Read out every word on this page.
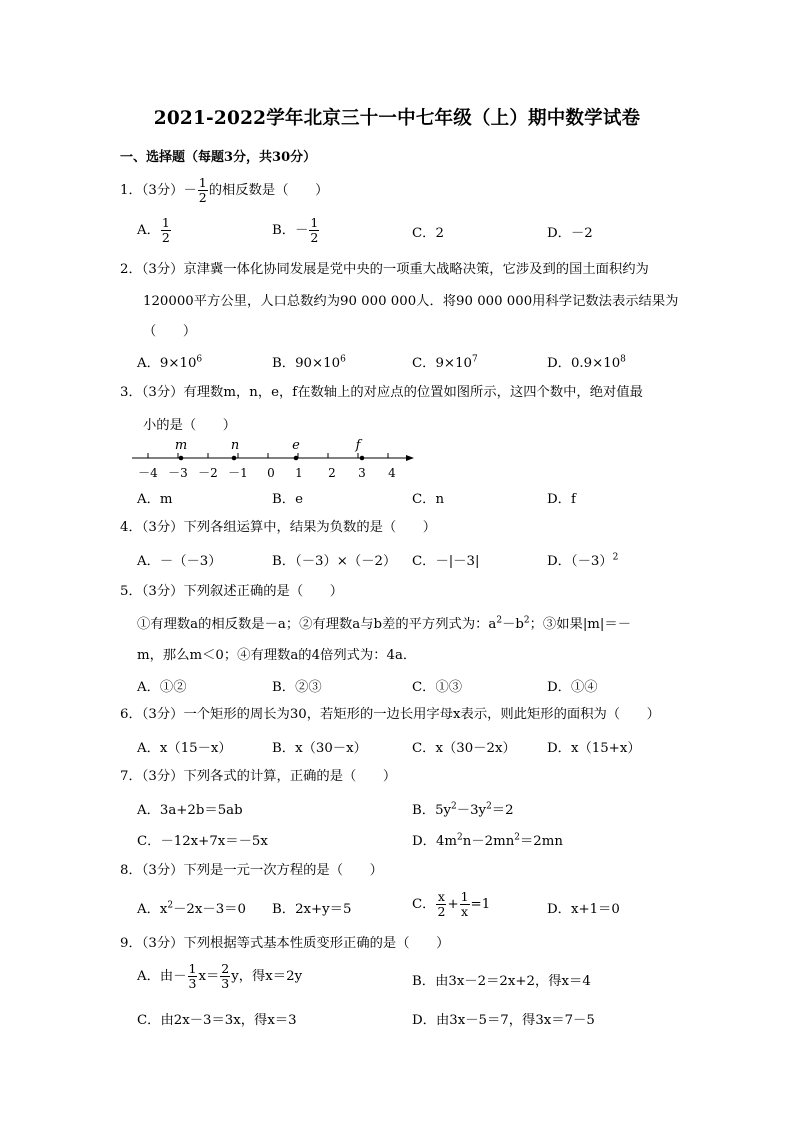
2021-2022学年北京三十一中七年级（上）期中数学试卷
一、选择题（每题3分，共30分）
1．（3分）－ $\frac{1}{2}$ 的相反数是（　　）
A． $\frac{1}{2}$	B．－ $\frac{1}{2}$	C．2	D．－2
2．（3分）京津冀一体化协同发展是党中央的一项重大战略决策，它涉及到的国土面积约为
120000平方公里，人口总数约为90 000 000人．将90 000 000用科学记数法表示结果为
（　　）
A．$9\times 10^6$	B．$90\times 10^6$	C．$9\times 10^7$	D．$0.9\times 10^8$
3．（3分）有理数m，n，e，f在数轴上的对应点的位置如图所示，这四个数中，绝对值最
小的是（　　）
－4 －3 －2 －1 0 1 2 3 4
m	n	e	f
A．m	B．e	C．n	D．f
4．（3分）下列各组运算中，结果为负数的是（　　）
A．－（－3）	B．（－3）×（－2） C．－|－3|	D．$(-3)^2$
5．（3分）下列叙述正确的是（　　）
①有理数a的相反数是－a；②有理数a与b差的平方列式为：$a^2-b^2$；③如果|m|＝－
m，那么m＜0；④有理数a的4倍列式为：4a．
A．①②	B．②③	C．①③	D．①④
6．（3分）一个矩形的周长为30，若矩形的一边长用字母x表示，则此矩形的面积为（　　）
A．x（15－x）	B．x（30－x）	C．x（30－2x） D．x（15+x）
7．（3分）下列各式的计算，正确的是（　　）
A．3a+2b＝5ab	B．$5y^2-3y^2=2$
C．－12x+7x＝－5x	D．$4m^2n-2mn^2=2mn$
8．（3分）下列是一元一次方程的是（　　）
A．$x^2-2x-3=0$ B．2x+y＝5	C． $\frac{x}{2} + \frac{1}{x} =1$	D．x+1＝0
9．（3分）下列根据等式基本性质变形正确的是（　　）
A．由－ $\frac{1}{3} x= \frac{2}{3}$ y，得x＝2y	B．由3x－2＝2x+2，得x＝4
C．由2x－3＝3x，得x＝3	D．由3x－5＝7，得3x＝7－5
